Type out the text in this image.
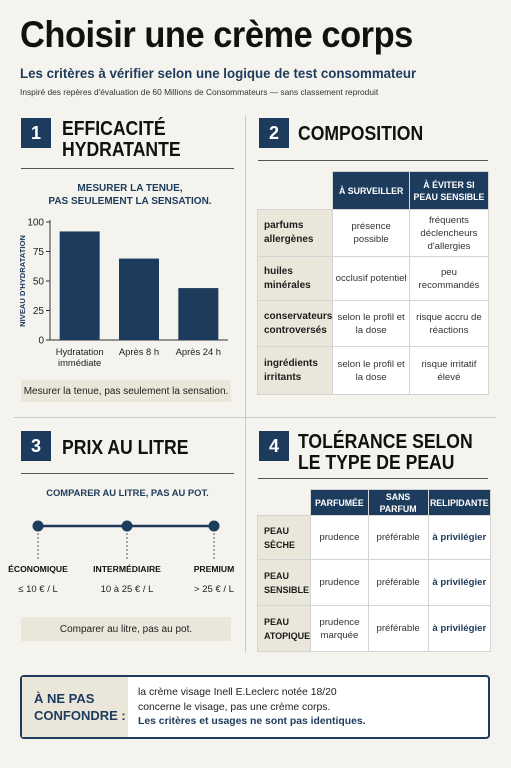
Choisir une crème corps
Les critères à vérifier selon une logique de test consommateur
Inspiré des repères d'évaluation de 60 Millions de Consommateurs — sans classement reproduit
1	EFFICACITÉ
HYDRATANTE
MESURER LA TENUE,
PAS SEULEMENT LA SENSATION.
NIVEAU D'HYDRATATION
0
25
50
75
100
Hydratation
immédiate
Après 8 h Après 24 h
Mesurer la tenue, pas seulement la sensation.
2 COMPOSITION
	À SURVEILLER	À ÉVITER SI PEAU SENSIBLE
parfums allergènes	présence possible	fréquents déclencheurs d'allergies
huiles minérales	occlusif potentiel	peu recommandés
conservateurs controversés	selon le profil et la dose	risque accru de réactions
ingrédients irritants	selon le profil et la dose	risque irritatif élevé
3	PRIX AU LITRE
COMPARER AU LITRE, PAS AU POT.
ÉCONOMIQUE	INTERMÉDIAIRE	PREMIUM
≤ 10 € / L	10 à 25 € / L	> 25 € / L
Comparer au litre, pas au pot.
4 TOLÉRANCE SELON
LE TYPE DE PEAU
	PARFUMÉE	SANS PARFUM	RELIPIDANTE
PEAU SÈCHE	prudence	préférable	à privilégier
PEAU SENSIBLE	prudence	préférable	à privilégier
PEAU ATOPIQUE	prudence marquée	préférable	à privilégier
À NE PAS
CONFONDRE :
la crème visage Inell E.Leclerc notée 18/20
concerne le visage, pas une crème corps.
Les critères et usages ne sont pas identiques.
